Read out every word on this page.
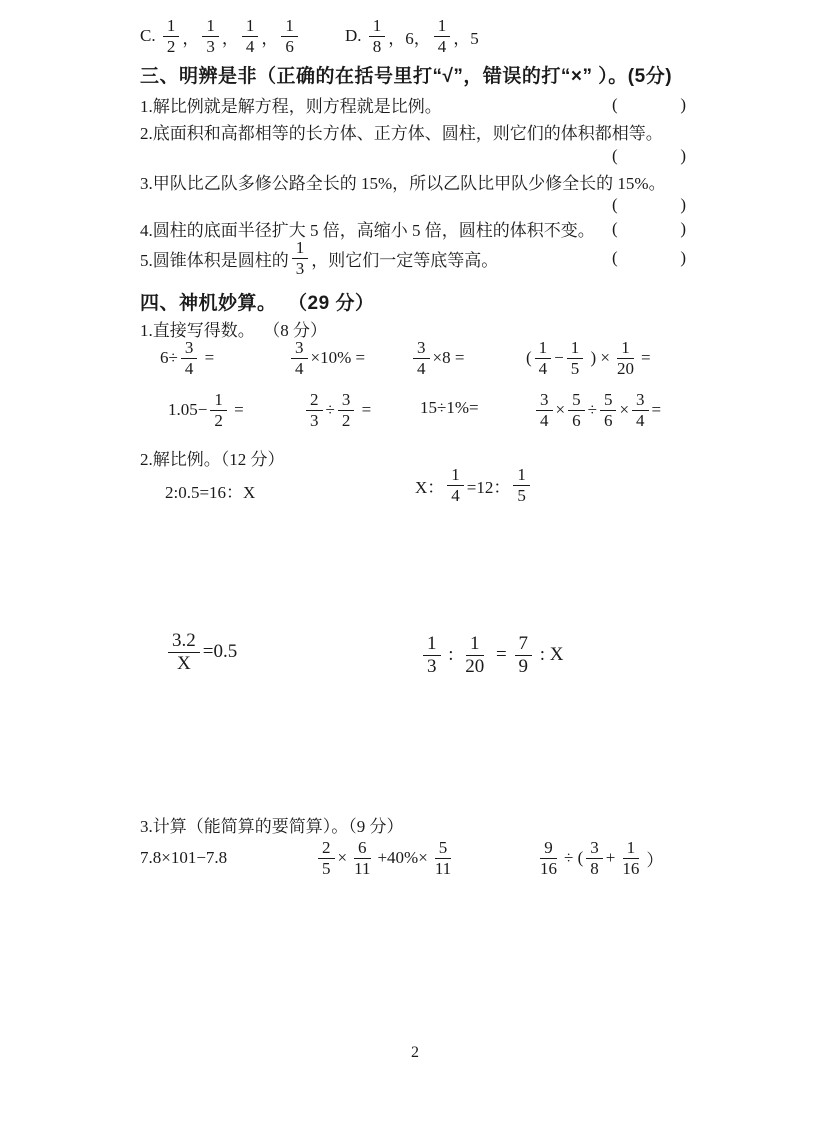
C. $\frac{1}{2}$ ， $\frac{1}{3}$ ， $\frac{1}{4}$ ， $\frac{1}{6}$	D. $\frac{1}{8}$ ，6， $\frac{1}{4}$ ，5
三、明辨是非（正确的在括号里打“√”，错误的打“×” ）。(5分)
1.解比例就是解方程，则方程就是比例。	(	)
2.底面积和高都相等的长方体、正方体、圆柱，则它们的体积都相等。
(	)
3.甲队比乙队多修公路全长的 15%，所以乙队比甲队少修全长的 15%。
(	)
4.圆柱的底面半径扩大 5 倍，高缩小 5 倍，圆柱的体积不变。 (	)
5.圆锥体积是圆柱的 $\frac{1}{3}$ ，则它们一定等底等高。	(	)
四、神机妙算。  （29 分）
1.直接写得数。  （8 分）
$6\div \frac{3}{4}$ =	$\frac{3}{4} \times 10\%$ =	$\frac{3}{4} \times 8$ =	( $\frac{1}{4} - \frac{1}{5}$ ) × $\frac{1}{20}$ =
$1.05- \frac{1}{2}$ =	$\frac{2}{3} \div \frac{3}{2}$ =	15÷1%=	$\frac{3}{4} \times \frac{5}{6} \div \frac{5}{6} \times \frac{3}{4}$ =
2.解比例。（12 分）
2:0.5=16：X	X： $\frac{1}{4} =12$： $\frac{1}{5}$
$\frac{3.2}{X} =0.5$	$\frac{1}{3}$ : $\frac{1}{20} = \frac{7}{9}$ : X
3.计算（能简算的要简算）。（9 分）
7.8×101−7.8	$\frac{2}{5} \times \frac{6}{11} +40\%\times \frac{5}{11}$	$\frac{9}{16}$ ÷ ( $\frac{3}{8} + \frac{1}{16}$ ）
2
